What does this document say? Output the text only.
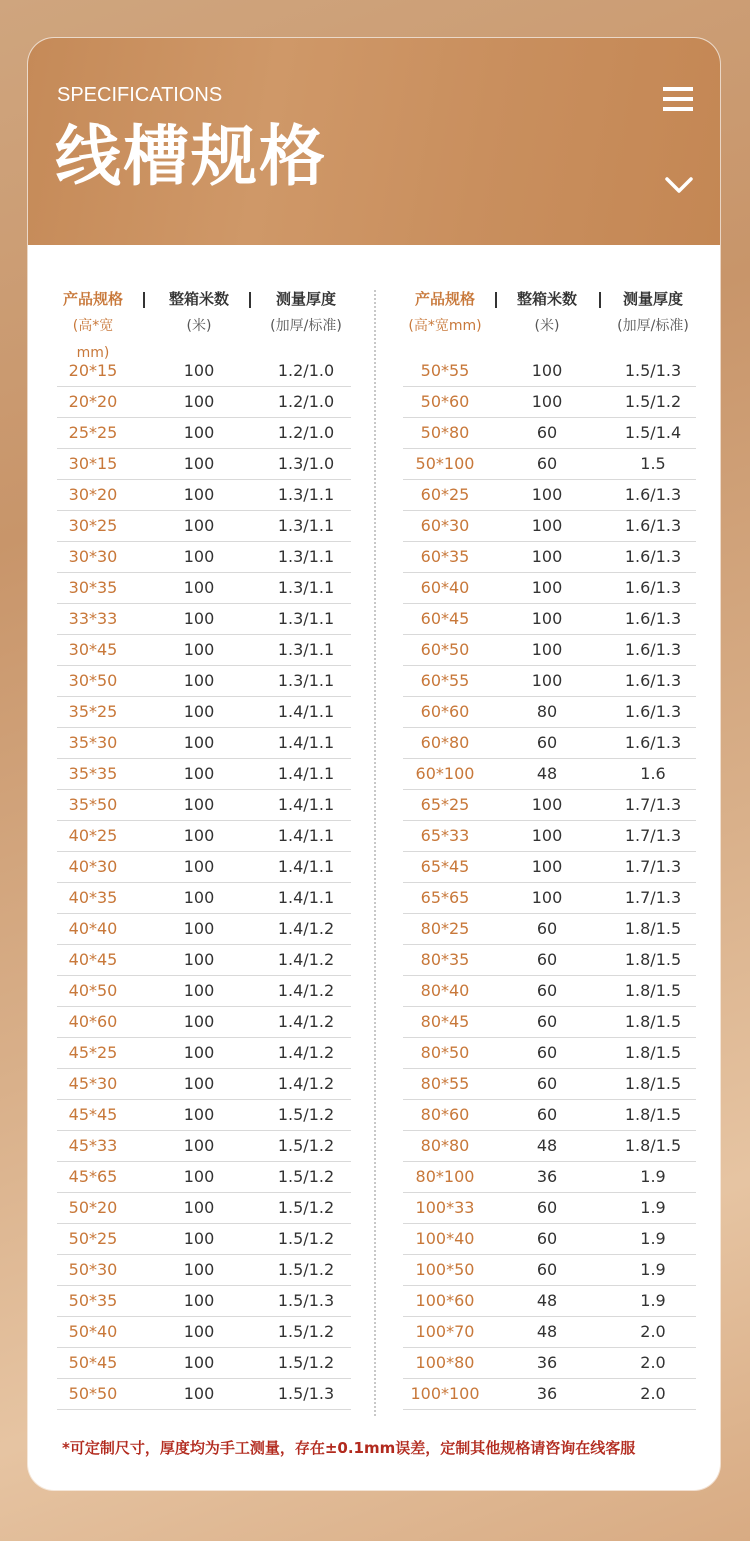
SPECIFICATIONS
线槽规格
产品规格
(高*宽mm)
整箱米数
(米)
测量厚度
(加厚/标准)
20*15	100	1.2/1.0
20*20	100	1.2/1.0
25*25	100	1.2/1.0
30*15	100	1.3/1.0
30*20	100	1.3/1.1
30*25	100	1.3/1.1
30*30	100	1.3/1.1
30*35	100	1.3/1.1
33*33	100	1.3/1.1
30*45	100	1.3/1.1
30*50	100	1.3/1.1
35*25	100	1.4/1.1
35*30	100	1.4/1.1
35*35	100	1.4/1.1
35*50	100	1.4/1.1
40*25	100	1.4/1.1
40*30	100	1.4/1.1
40*35	100	1.4/1.1
40*40	100	1.4/1.2
40*45	100	1.4/1.2
40*50	100	1.4/1.2
40*60	100	1.4/1.2
45*25	100	1.4/1.2
45*30	100	1.4/1.2
45*45	100	1.5/1.2
45*33	100	1.5/1.2
45*65	100	1.5/1.2
50*20	100	1.5/1.2
50*25	100	1.5/1.2
50*30	100	1.5/1.2
50*35	100	1.5/1.3
50*40	100	1.5/1.2
50*45	100	1.5/1.2
50*50	100	1.5/1.3
产品规格
(高*宽mm)
整箱米数
(米)
测量厚度
(加厚/标准)
50*55	100	1.5/1.3
50*60	100	1.5/1.2
50*80	60	1.5/1.4
50*100	60	1.5
60*25	100	1.6/1.3
60*30	100	1.6/1.3
60*35	100	1.6/1.3
60*40	100	1.6/1.3
60*45	100	1.6/1.3
60*50	100	1.6/1.3
60*55	100	1.6/1.3
60*60	80	1.6/1.3
60*80	60	1.6/1.3
60*100	48	1.6
65*25	100	1.7/1.3
65*33	100	1.7/1.3
65*45	100	1.7/1.3
65*65	100	1.7/1.3
80*25	60	1.8/1.5
80*35	60	1.8/1.5
80*40	60	1.8/1.5
80*45	60	1.8/1.5
80*50	60	1.8/1.5
80*55	60	1.8/1.5
80*60	60	1.8/1.5
80*80	48	1.8/1.5
80*100	36	1.9
100*33	60	1.9
100*40	60	1.9
100*50	60	1.9
100*60	48	1.9
100*70	48	2.0
100*80	36	2.0
100*100	36	2.0
*可定制尺寸，厚度均为手工测量，存在±0.1mm误差，定制其他规格请咨询在线客服
